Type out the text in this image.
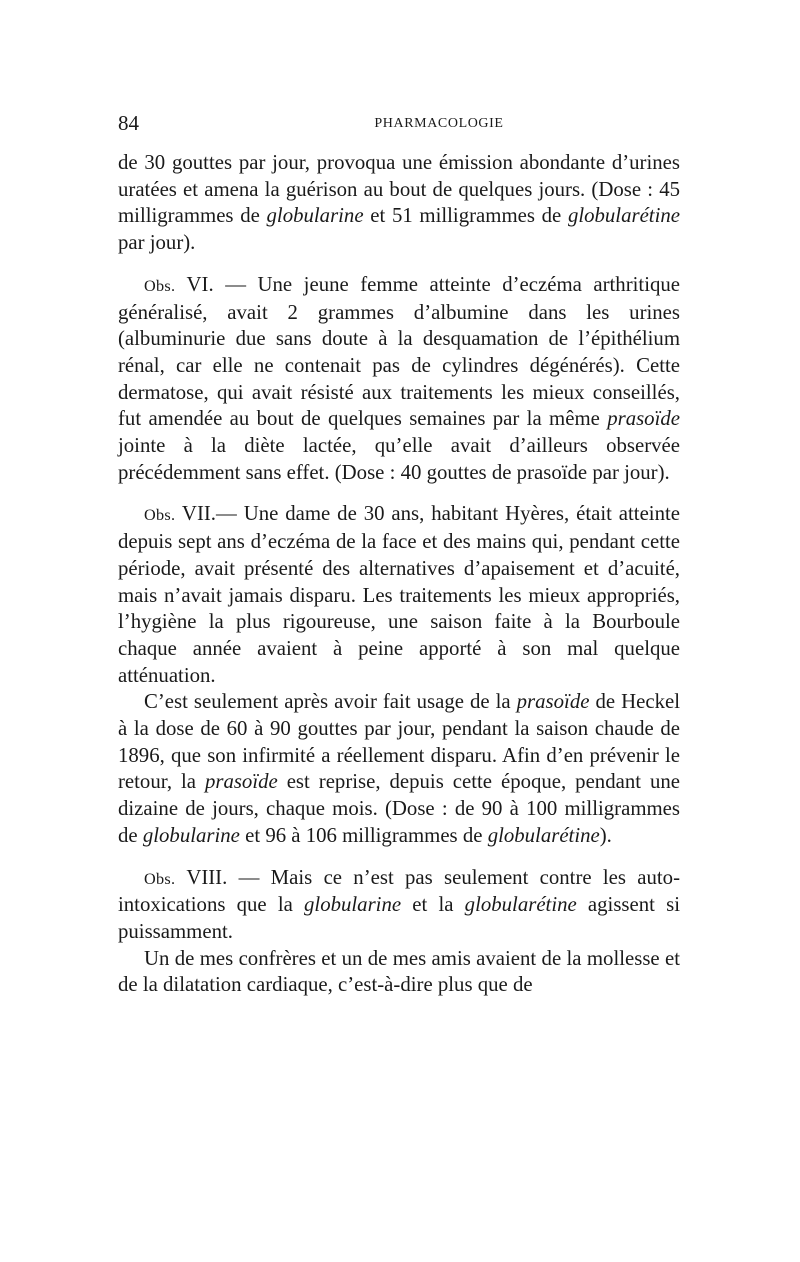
84	PHARMACOLOGIE

de 30 gouttes par jour, provoqua une émission abondante d’urines uratées et amena la guérison au bout de quelques jours. (Dose : 45 milligrammes de globularine et 51 milligrammes de globularétine par jour).

Obs. VI. — Une jeune femme atteinte d’eczéma arthritique généralisé, avait 2 grammes d’albumine dans les urines (albuminurie due sans doute à la desquamation de l’épithélium rénal, car elle ne contenait pas de cylindres dégénérés). Cette dermatose, qui avait résisté aux traitements les mieux conseillés, fut amendée au bout de quelques semaines par la même prasoïde jointe à la diète lactée, qu’elle avait d’ailleurs observée précédemment sans effet. (Dose : 40 gouttes de prasoïde par jour).

Obs. VII.— Une dame de 30 ans, habitant Hyères, était atteinte depuis sept ans d’eczéma de la face et des mains qui, pendant cette période, avait présenté des alternatives d’apaisement et d’acuité, mais n’avait jamais disparu. Les traitements les mieux appropriés, l’hygiène la plus rigoureuse, une saison faite à la Bourboule chaque année avaient à peine apporté à son mal quelque atténuation.

C’est seulement après avoir fait usage de la prasoïde de Heckel à la dose de 60 à 90 gouttes par jour, pendant la saison chaude de 1896, que son infirmité a réellement disparu. Afin d’en prévenir le retour, la prasoïde est reprise, depuis cette époque, pendant une dizaine de jours, chaque mois. (Dose : de 90 à 100 milligrammes de globularine et 96 à 106 milligrammes de globularétine).

Obs. VIII. — Mais ce n’est pas seulement contre les auto-intoxications que la globularine et la globularétine agissent si puissamment.

Un de mes confrères et un de mes amis avaient de la mollesse et de la dilatation cardiaque, c’est-à-dire plus que de
